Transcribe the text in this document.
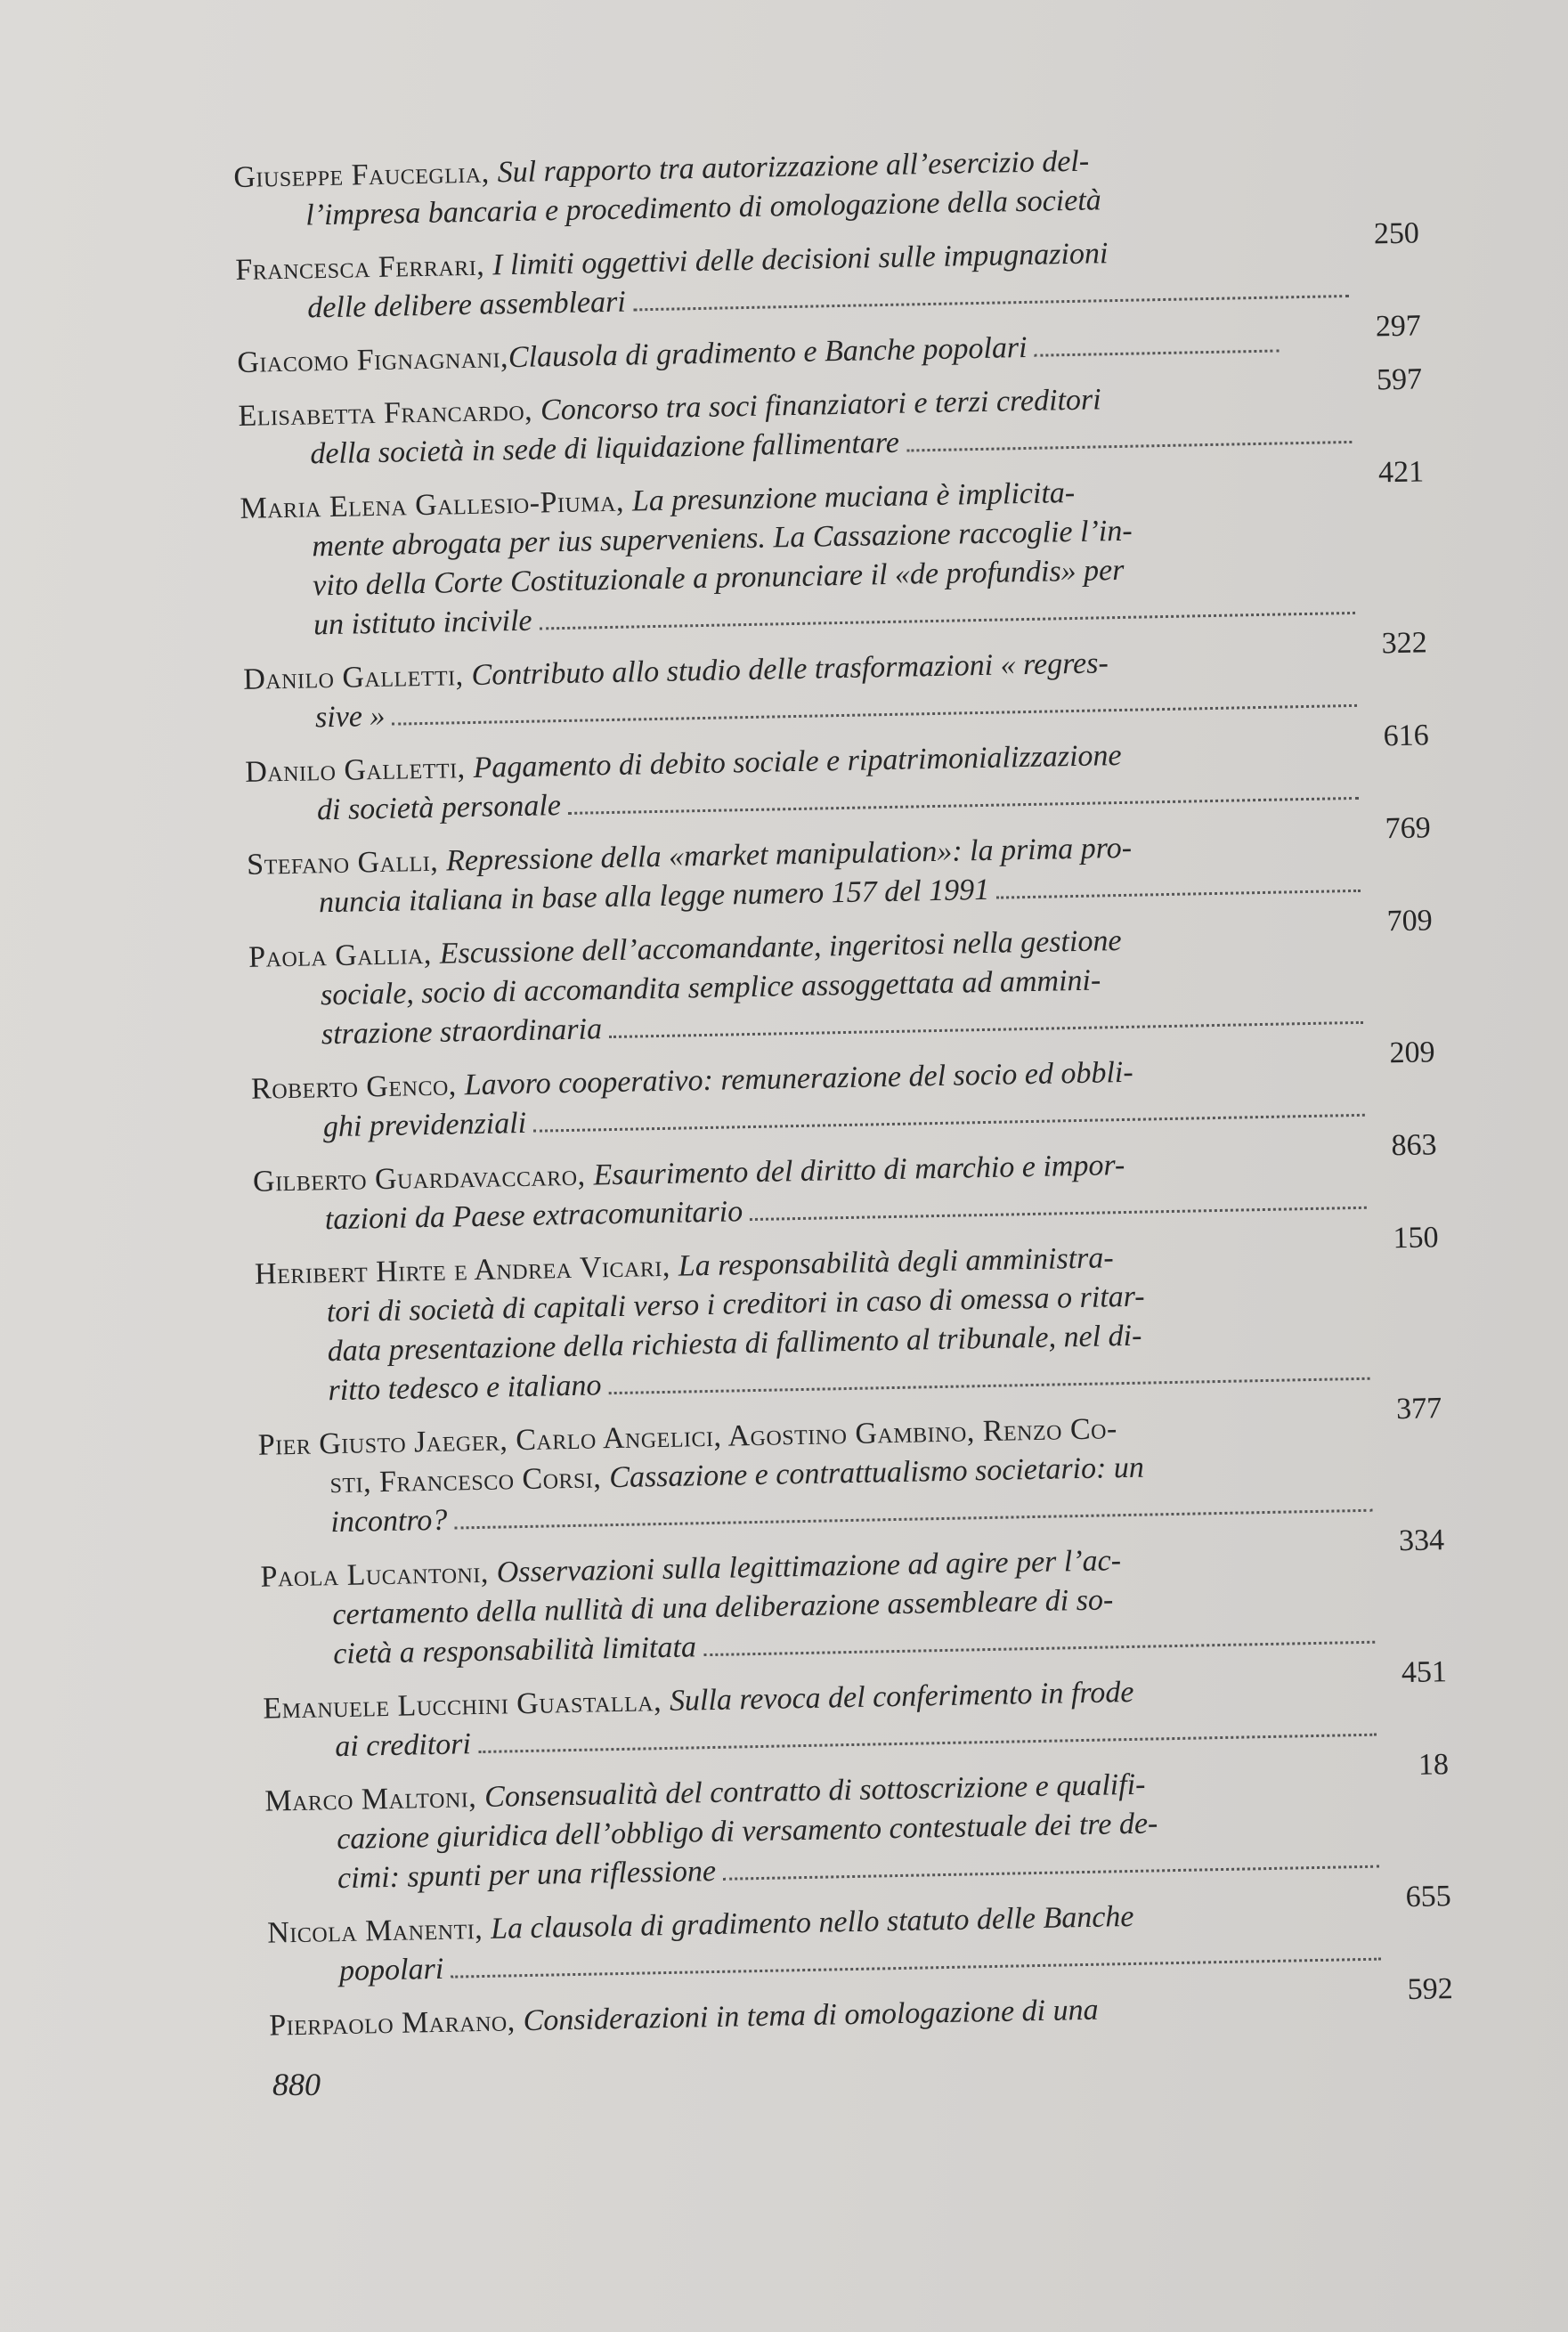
Giuseppe Fauceglia, Sul rapporto tra autorizzazione all’esercizio del-
l’impresa bancaria e procedimento di omologazione della società
250
Francesca Ferrari, I limiti oggettivi delle decisioni sulle impugnazioni
delle delibere assembleari
297
Giacomo Fignagnani, Clausola di gradimento e Banche popolari
597
Elisabetta Francardo, Concorso tra soci finanziatori e terzi creditori
della società in sede di liquidazione fallimentare
421
Maria Elena Gallesio-Piuma, La presunzione muciana è implicita-
mente abrogata per ius superveniens. La Cassazione raccoglie l’in-
vito della Corte Costituzionale a pronunciare il «de profundis» per
un istituto incivile
322
Danilo Galletti, Contributo allo studio delle trasformazioni « regres-
sive »
616
Danilo Galletti, Pagamento di debito sociale e ripatrimonializzazione
di società personale
769
Stefano Galli, Repressione della «market manipulation»: la prima pro-
nuncia italiana in base alla legge numero 157 del 1991
709
Paola Gallia, Escussione dell’accomandante, ingeritosi nella gestione
sociale, socio di accomandita semplice assoggettata ad ammini-
strazione straordinaria
209
Roberto Genco, Lavoro cooperativo: remunerazione del socio ed obbli-
ghi previdenziali
863
Gilberto Guardavaccaro, Esaurimento del diritto di marchio e impor-
tazioni da Paese extracomunitario
150
Heribert Hirte e Andrea Vicari, La responsabilità degli amministra-
tori di società di capitali verso i creditori in caso di omessa o ritar-
data presentazione della richiesta di fallimento al tribunale, nel di-
ritto tedesco e italiano
377
Pier Giusto Jaeger, Carlo Angelici, Agostino Gambino, Renzo Co-
sti, Francesco Corsi, Cassazione e contrattualismo societario: un
incontro?
334
Paola Lucantoni, Osservazioni sulla legittimazione ad agire per l’ac-
certamento della nullità di una deliberazione assembleare di so-
cietà a responsabilità limitata
451
Emanuele Lucchini Guastalla, Sulla revoca del conferimento in frode
ai creditori
18
Marco Maltoni, Consensualità del contratto di sottoscrizione e qualifi-
cazione giuridica dell’obbligo di versamento contestuale dei tre de-
cimi: spunti per una riflessione
655
Nicola Manenti, La clausola di gradimento nello statuto delle Banche
popolari
592
Pierpaolo Marano, Considerazioni in tema di omologazione di una
880
